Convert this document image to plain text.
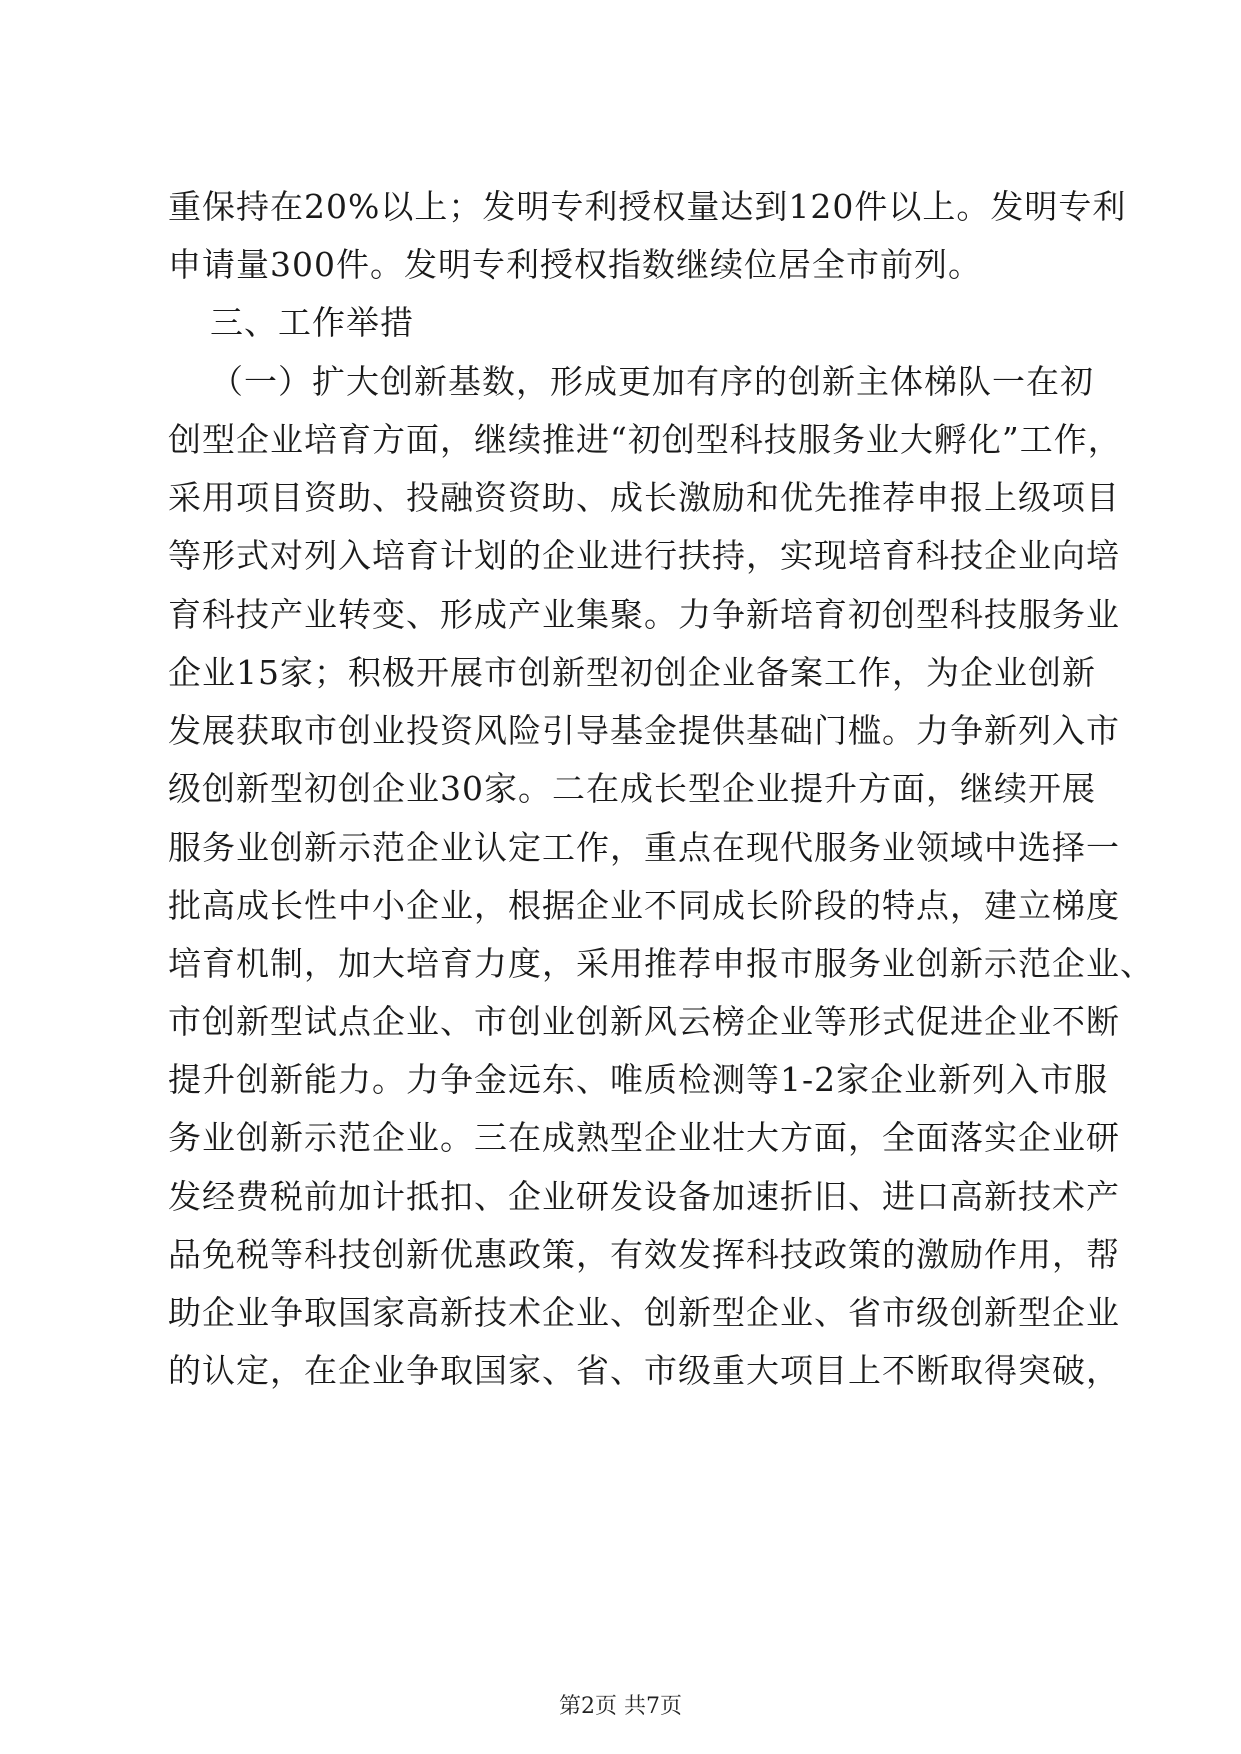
重保持在20%以上；发明专利授权量达到120件以上。发明专利
申请量300件。发明专利授权指数继续位居全市前列。
三、工作举措
（一）扩大创新基数，形成更加有序的创新主体梯队一在初
创型企业培育方面，继续推进“初创型科技服务业大孵化”工作，
采用项目资助、投融资资助、成长激励和优先推荐申报上级项目
等形式对列入培育计划的企业进行扶持，实现培育科技企业向培
育科技产业转变、形成产业集聚。力争新培育初创型科技服务业
企业15家；积极开展市创新型初创企业备案工作，为企业创新
发展获取市创业投资风险引导基金提供基础门槛。力争新列入市
级创新型初创企业30家。二在成长型企业提升方面，继续开展
服务业创新示范企业认定工作，重点在现代服务业领域中选择一
批高成长性中小企业，根据企业不同成长阶段的特点，建立梯度
培育机制，加大培育力度，采用推荐申报市服务业创新示范企业、
市创新型试点企业、市创业创新风云榜企业等形式促进企业不断
提升创新能力。力争金远东、唯质检测等1-2家企业新列入市服
务业创新示范企业。三在成熟型企业壮大方面，全面落实企业研
发经费税前加计抵扣、企业研发设备加速折旧、进口高新技术产
品免税等科技创新优惠政策，有效发挥科技政策的激励作用，帮
助企业争取国家高新技术企业、创新型企业、省市级创新型企业
的认定，在企业争取国家、省、市级重大项目上不断取得突破，
第2页 共7页
